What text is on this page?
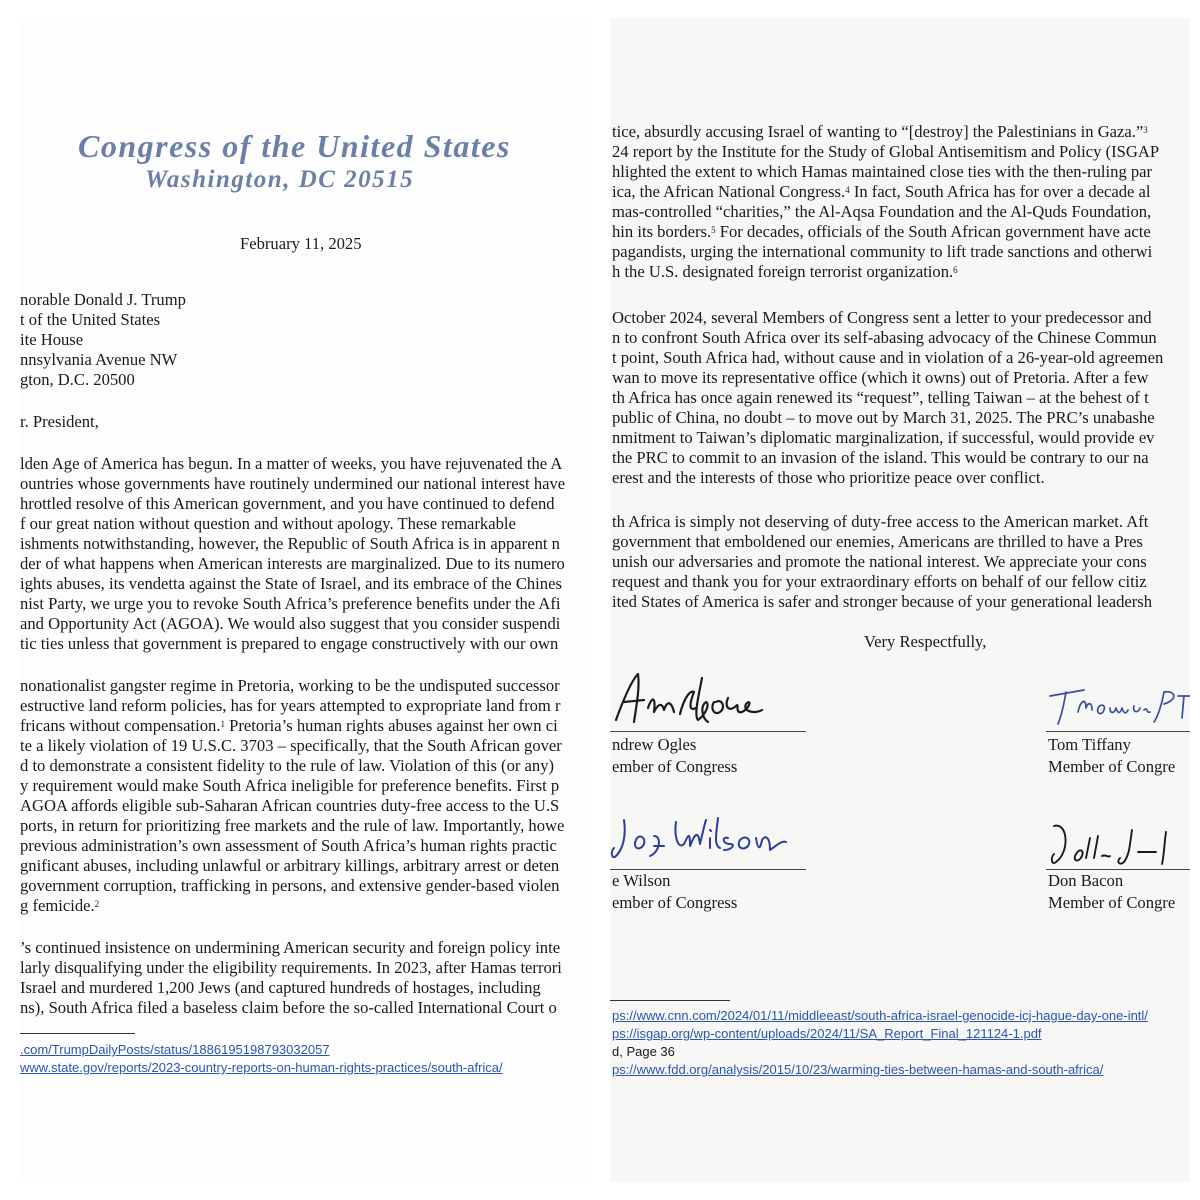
Congress of the United States
Washington, DC 20515
February 11, 2025
norable Donald J. Trump
t of the United States
ite House
nnsylvania Avenue NW
gton, D.C. 20500
r. President,
lden Age of America has begun. In a matter of weeks, you have rejuvenated the A
ountries whose governments have routinely undermined our national interest have
hrottled resolve of this American government, and you have continued to defend
f our great nation without question and without apology. These remarkable
ishments notwithstanding, however, the Republic of South Africa is in apparent n
der of what happens when American interests are marginalized. Due to its numero
ights abuses, its vendetta against the State of Israel, and its embrace of the Chines
nist Party, we urge you to revoke South Africa’s preference benefits under the Afi
and Opportunity Act (AGOA). We would also suggest that you consider suspendi
tic ties unless that government is prepared to engage constructively with our own
nonationalist gangster regime in Pretoria, working to be the undisputed successor
estructive land reform policies, has for years attempted to expropriate land from r
fricans without compensation.$^1$ Pretoria’s human rights abuses against her own ci
te a likely violation of 19 U.S.C. 3703 – specifically, that the South African gover
d to demonstrate a consistent fidelity to the rule of law. Violation of this (or any)
y requirement would make South Africa ineligible for preference benefits. First p
AGOA affords eligible sub-Saharan African countries duty-free access to the U.S
ports, in return for prioritizing free markets and the rule of law. Importantly, howe
previous administration’s own assessment of South Africa’s human rights practic
gnificant abuses, including unlawful or arbitrary killings, arbitrary arrest or deten
government corruption, trafficking in persons, and extensive gender-based violen
g femicide.$^2$
’s continued insistence on undermining American security and foreign policy inte
larly disqualifying under the eligibility requirements. In 2023, after Hamas terrori
Israel and murdered 1,200 Jews (and captured hundreds of hostages, including
ns), South Africa filed a baseless claim before the so-called International Court o
.com/TrumpDailyPosts/status/1886195198793032057
www.state.gov/reports/2023-country-reports-on-human-rights-practices/south-africa/
tice, absurdly accusing Israel of wanting to “[destroy] the Palestinians in Gaza.”$^3$
24 report by the Institute for the Study of Global Antisemitism and Policy (ISGAP
hlighted the extent to which Hamas maintained close ties with the then-ruling par
ica, the African National Congress.$^4$ In fact, South Africa has for over a decade al
mas-controlled “charities,” the Al-Aqsa Foundation and the Al-Quds Foundation,
hin its borders.$^5$ For decades, officials of the South African government have acte
pagandists, urging the international community to lift trade sanctions and otherwi
h the U.S. designated foreign terrorist organization.$^6$
October 2024, several Members of Congress sent a letter to your predecessor and
n to confront South Africa over its self-abasing advocacy of the Chinese Commun
t point, South Africa had, without cause and in violation of a 26-year-old agreemen
wan to move its representative office (which it owns) out of Pretoria. After a few
th Africa has once again renewed its “request”, telling Taiwan – at the behest of t
public of China, no doubt – to move out by March 31, 2025. The PRC’s unabashe
nmitment to Taiwan’s diplomatic marginalization, if successful, would provide ev
the PRC to commit to an invasion of the island. This would be contrary to our na
erest and the interests of those who prioritize peace over conflict.
th Africa is simply not deserving of duty-free access to the American market. Aft
government that emboldened our enemies, Americans are thrilled to have a Pres
unish our adversaries and promote the national interest. We appreciate your cons
request and thank you for your extraordinary efforts on behalf of our fellow citiz
ited States of America is safer and stronger because of your generational leadersh
Very Respectfully,
ndrew Ogles
ember of Congress
Tom Tiffany
Member of Congre
e Wilson
ember of Congress
Don Bacon
Member of Congre
ps://www.cnn.com/2024/01/11/middleeast/south-africa-israel-genocide-icj-hague-day-one-intl/
ps://isgap.org/wp-content/uploads/2024/11/SA_Report_Final_121124-1.pdf
d, Page 36
ps://www.fdd.org/analysis/2015/10/23/warming-ties-between-hamas-and-south-africa/
